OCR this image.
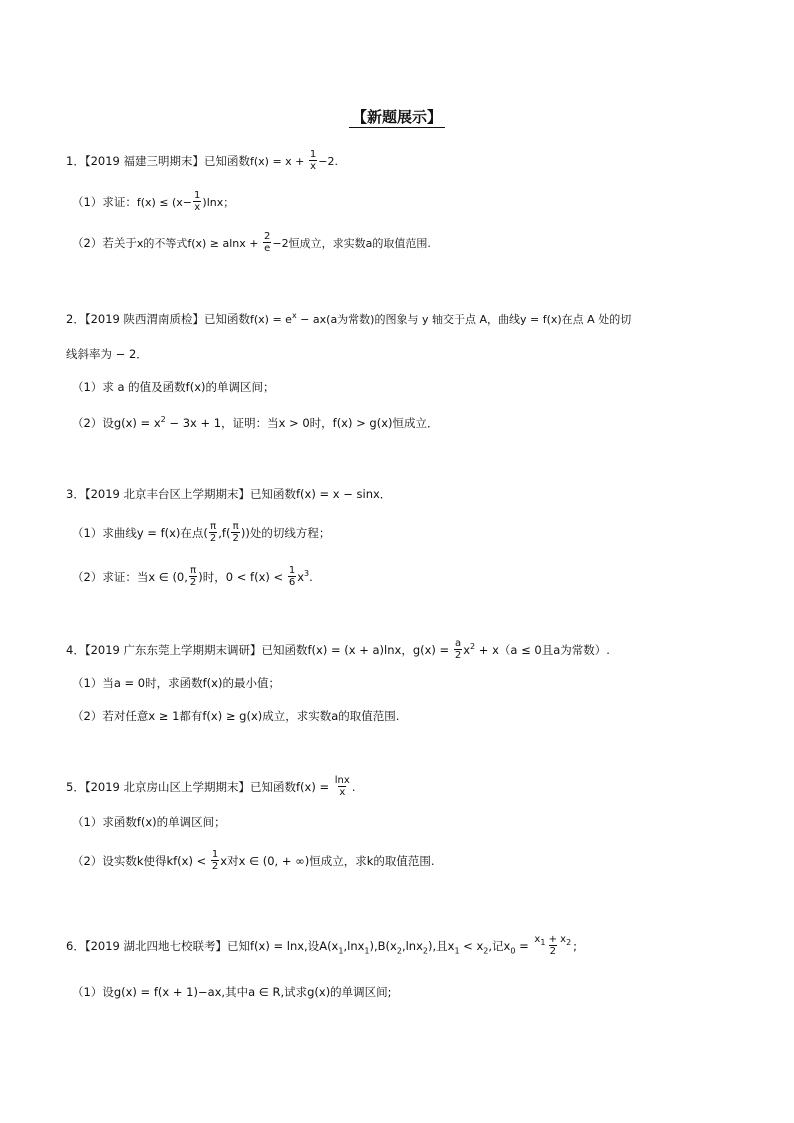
【新题展示】
1．【2019 福建三明期末】已知函数$f(x) = x + \frac{1}{x} -2$.
（1）求证：$f(x) \le (x- \frac{1}{x} )\ln x$；
（2）若关于x的不等式$f(x) \ge alnx + \frac{2}{e} -2$恒成立，求实数a的取值范围.
2．【2019 陕西渭南质检】已知函数$f(x) = e^x - ax(a$为常数)的图象与 y 轴交于点 A，曲线y = f(x)在点 A 处的切
线斜率为 − 2．
（1）求 a 的值及函数f(x)的单调区间；
（2）设$g(x) = x^2 - 3x + 1$，证明：当x > 0时，f(x) > g(x)恒成立．
3．【2019 北京丰台区上学期期末】已知函数f(x) = x − sinx．
（1）求曲线y = f(x)在点( $\frac{\pi}{2} ,f( \frac{\pi}{2}$ ))处的切线方程；
（2）求证：当x ∈ (0, $\frac{\pi}{2}$ )时，$0 < f(x) < \frac{1}{6} x^3$.
4．【2019 广东东莞上学期期末调研】已知函数f(x) = (x + a)lnx，$g(x) = \frac{a}{2} x^2 + x(a \le 0$且a为常数）.
（1）当a = 0时，求函数f(x)的最小值；
（2）若对任意x ≥ 1都有f(x) ≥ g(x)成立，求实数a的取值范围.
5．【2019 北京房山区上学期期末】已知函数$f(x) = \frac{\ln x}{x}$ .
（1）求函数f(x)的单调区间；
（2）设实数k使得$kf(x) < \frac{1}{2}$ x对x ∈ (0, + ∞)恒成立，求k的取值范围.
6．【2019 湖北四地七校联考】已知f(x) = lnx,设$A(x_1,\ln x_1),B(x_2,\ln x_2)$,且$x_1 < x_2$,记$x_0 = \frac{x_1 + x_2}{2}$ ;
（1）设g(x) = f(x + 1)−ax,其中a ∈ R,试求g(x)的单调区间;
